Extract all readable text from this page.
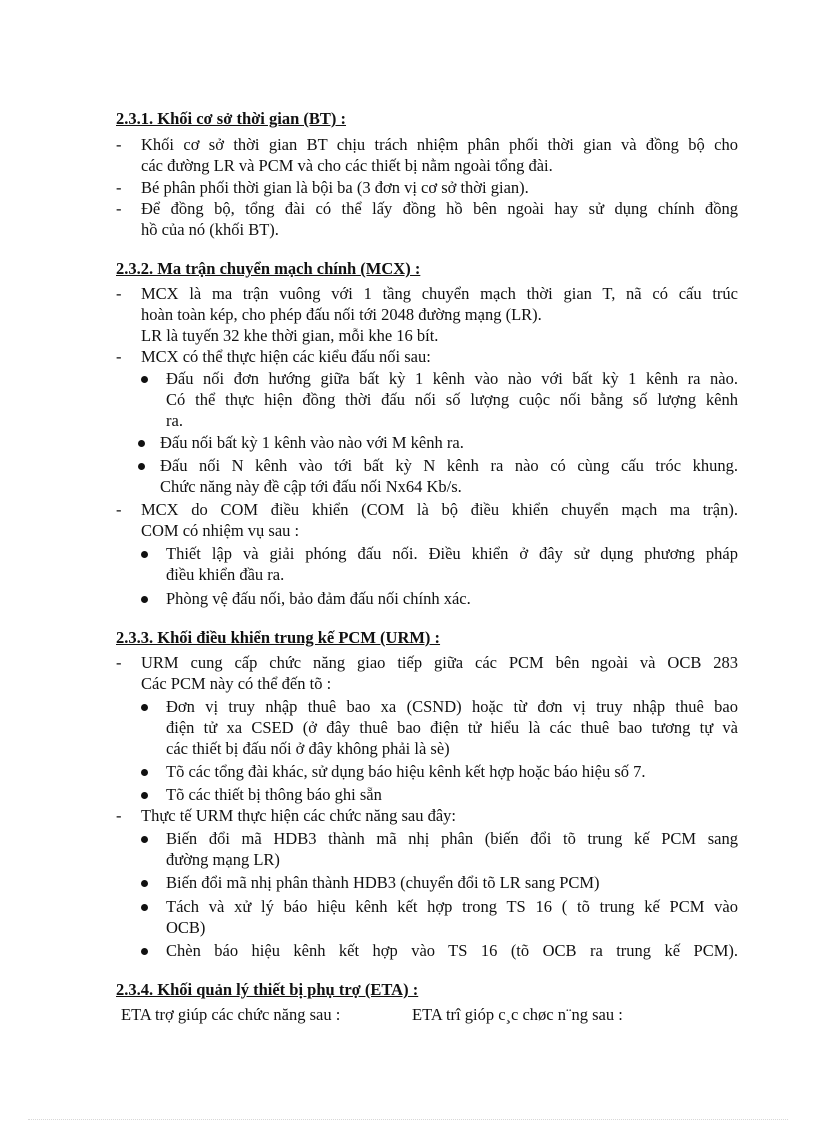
2.3.1. Khối cơ sở thời gian (BT) :

- Khối cơ sở thời gian BT chịu trách nhiệm phân phối thời gian và đồng bộ cho

các đường LR và PCM và cho các thiết bị nằm ngoài tổng đài.

- Bé phân phối thời gian là bội ba (3 đơn vị cơ sở thời gian).

- Để đồng bộ, tổng đài có thể lấy đồng hồ bên ngoài hay sử dụng chính đồng

hồ của nó (khối BT).

2.3.2. Ma trận chuyển mạch chính (MCX) :

- MCX là ma trận vuông với 1 tầng chuyển mạch thời gian T, nã có cấu trúc

hoàn toàn kép, cho phép đấu nối tới 2048 đường mạng (LR).

LR là tuyến 32 khe thời gian, mỗi khe 16 bít.

- MCX có thể thực hiện các kiểu đấu nối sau:

Đấu nối đơn hướng giữa bất kỳ 1 kênh vào nào với bất kỳ 1 kênh ra nào.

Có thể thực hiện đồng thời đấu nối số lượng cuộc nối bằng số lượng kênh

ra.

Đấu nối bất kỳ 1 kênh vào nào với M kênh ra.

Đấu nối N kênh vào tới bất kỳ N kênh ra nào có cùng cấu tróc khung.

Chức năng này đề cập tới đấu nối Nx64 Kb/s.

- MCX do COM điều khiển (COM là bộ điều khiển chuyển mạch ma trận).

COM có nhiệm vụ sau :

Thiết lập và giải phóng đấu nối. Điều khiển ở đây sử dụng phương pháp

điều khiển đầu ra.

Phòng vệ đấu nối, bảo đảm đấu nối chính xác.

2.3.3. Khối điều khiển trung kế PCM (URM) :

- URM cung cấp chức năng giao tiếp giữa các PCM bên ngoài và OCB 283

Các PCM này có thể đến tõ :

Đơn vị truy nhập thuê bao xa (CSND) hoặc từ đơn vị truy nhập thuê bao

điện tử xa CSED (ở đây thuê bao điện tử hiểu là các thuê bao tương tự và

các thiết bị đấu nối ở đây không phải là sè)

Tõ các tổng đài khác, sử dụng báo hiệu kênh kết hợp hoặc báo hiệu số 7.

Tõ các thiết bị thông báo ghi sẵn

- Thực tế URM thực hiện các chức năng sau đây:

Biến đổi mã HDB3 thành mã nhị phân (biến đổi tõ trung kế PCM sang

đường mạng LR)

Biến đổi mã nhị phân thành HDB3 (chuyển đổi tõ LR sang PCM)

Tách và xử lý báo hiệu kênh kết hợp trong TS 16 ( tõ trung kế PCM vào

OCB)

Chèn báo hiệu kênh kết hợp vào TS 16 (tõ OCB ra trung kế PCM).

2.3.4. Khối quản lý thiết bị phụ trợ (ETA) :

ETA trợ giúp các chức năng sau :	ETA trî gióp c¸c chøc n¨ng sau :
